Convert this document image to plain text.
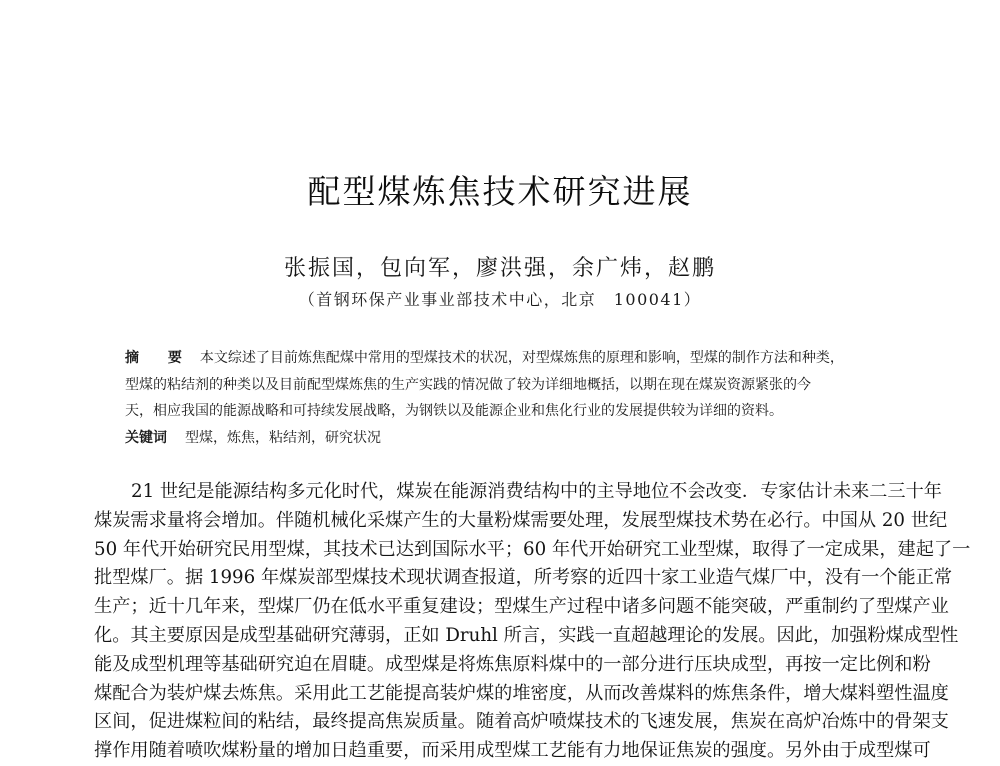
配型煤炼焦技术研究进展
张振国，包向军，廖洪强，余广炜，赵鹏
（首钢环保产业事业部技术中心，北京　100041）
摘 要 本文综述了目前炼焦配煤中常用的型煤技术的状况，对型煤炼焦的原理和影响，型煤的制作方法和种类，
型煤的粘结剂的种类以及目前配型煤炼焦的生产实践的情况做了较为详细地概括，以期在现在煤炭资源紧张的今
天，相应我国的能源战略和可持续发展战略，为钢铁以及能源企业和焦化行业的发展提供较为详细的资料。
关键词 型煤，炼焦，粘结剂，研究状况
21 世纪是能源结构多元化时代，煤炭在能源消费结构中的主导地位不会改变．专家估计未来二三十年
煤炭需求量将会增加。伴随机械化采煤产生的大量粉煤需要处理，发展型煤技术势在必行。中国从 20 世纪
50 年代开始研究民用型煤，其技术已达到国际水平；60 年代开始研究工业型煤，取得了一定成果，建起了一
批型煤厂。据 1996 年煤炭部型煤技术现状调查报道，所考察的近四十家工业造气煤厂中，没有一个能正常
生产；近十几年来，型煤厂仍在低水平重复建设；型煤生产过程中诸多问题不能突破，严重制约了型煤产业
化。其主要原因是成型基础研究薄弱，正如 Druhl 所言，实践一直超越理论的发展。因此，加强粉煤成型性
能及成型机理等基础研究迫在眉睫。成型煤是将炼焦原料煤中的一部分进行压块成型，再按一定比例和粉
煤配合为装炉煤去炼焦。采用此工艺能提高装炉煤的堆密度，从而改善煤料的炼焦条件，增大煤料塑性温度
区间，促进煤粒间的粘结，最终提高焦炭质量。随着高炉喷煤技术的飞速发展，焦炭在高炉冶炼中的骨架支
撑作用随着喷吹煤粉量的增加日趋重要，而采用成型煤工艺能有力地保证焦炭的强度。另外由于成型煤可
